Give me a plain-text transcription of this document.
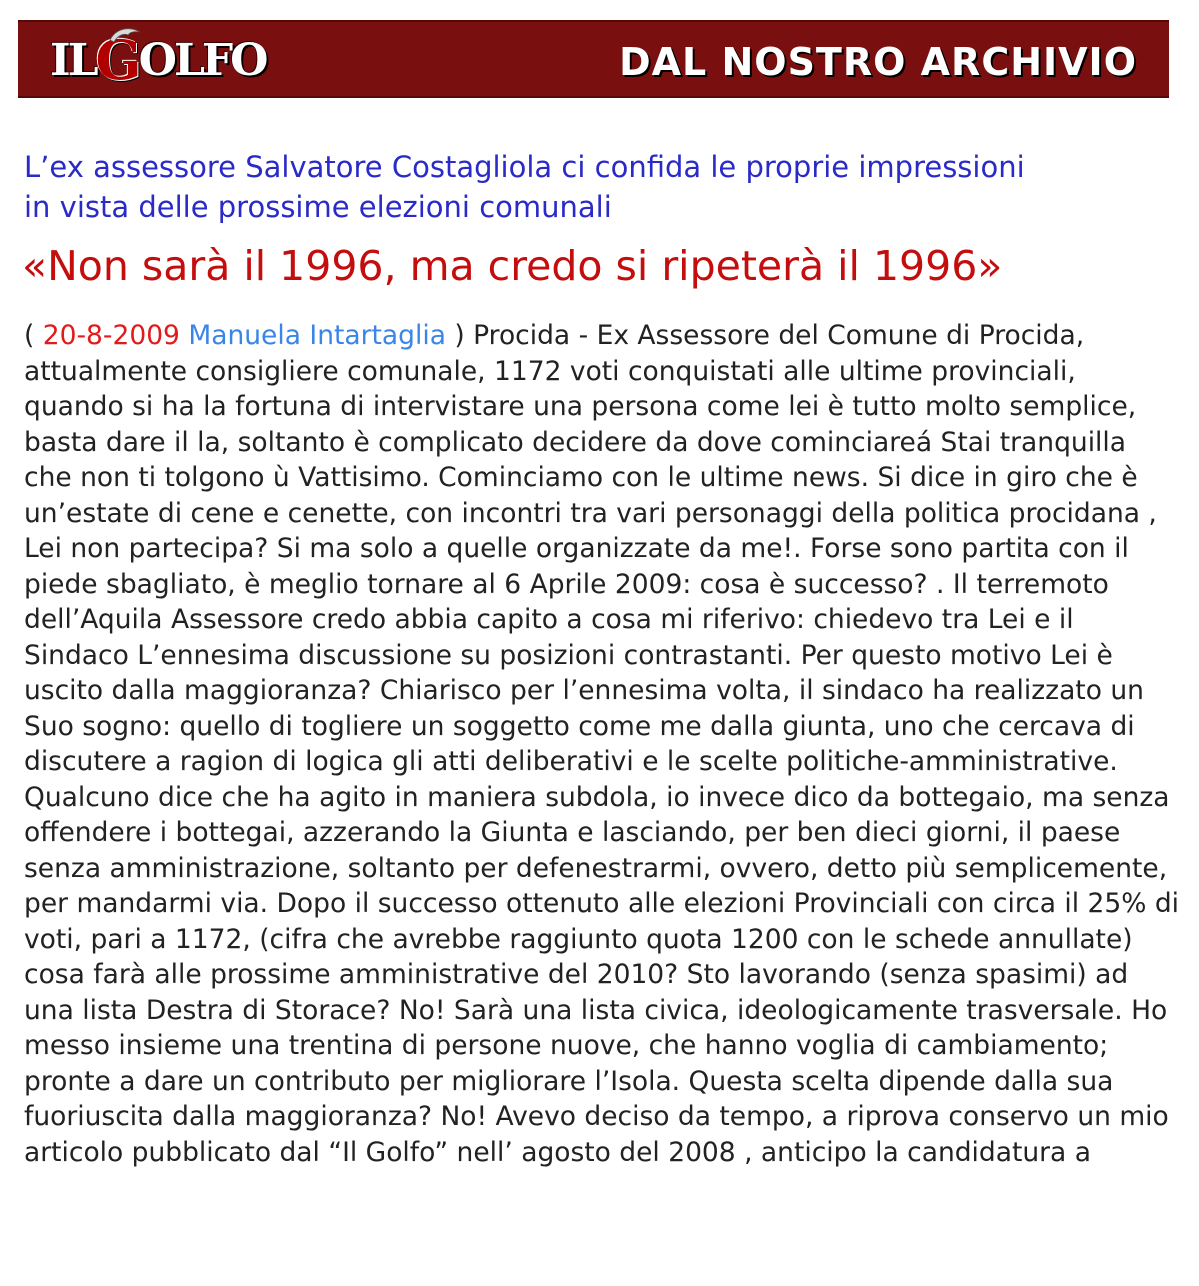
IL G OLFO	DAL NOSTRO ARCHIVIO
L’ex assessore Salvatore Costagliola ci confida le proprie impressioni
in vista delle prossime elezioni comunali
«Non sarà il 1996, ma credo si ripeterà il 1996»

( 20-8-2009 Manuela Intartaglia ) Procida - Ex Assessore del Comune di Procida, attualmente consigliere comunale, 1172 voti conquistati alle ultime provinciali, quando si ha la fortuna di intervistare una persona come lei è tutto molto semplice, basta dare il la, soltanto è complicato decidere da dove cominciareá Stai tranquilla che non ti tolgono ù Vattisimo. Cominciamo con le ultime news. Si dice in giro che è un’estate di cene e cenette, con incontri tra vari personaggi della politica procidana , Lei non partecipa? Si ma solo a quelle organizzate da me!. Forse sono partita con il piede sbagliato, è meglio tornare al 6 Aprile 2009: cosa è successo? . Il terremoto dell’Aquila Assessore credo abbia capito a cosa mi riferivo: chiedevo tra Lei e il Sindaco L’ennesima discussione su posizioni contrastanti. Per questo motivo Lei è uscito dalla maggioranza? Chiarisco per l’ennesima volta, il sindaco ha realizzato un Suo sogno: quello di togliere un soggetto come me dalla giunta, uno che cercava di discutere a ragion di logica gli atti deliberativi e le scelte politiche-amministrative. Qualcuno dice che ha agito in maniera subdola, io invece dico da bottegaio, ma senza offendere i bottegai, azzerando la Giunta e lasciando, per ben dieci giorni, il paese senza amministrazione, soltanto per defenestrarmi, ovvero, detto più semplicemente, per mandarmi via. Dopo il successo ottenuto alle elezioni Provinciali con circa il 25% di voti, pari a 1172, (cifra che avrebbe raggiunto quota 1200 con le schede annullate) cosa farà alle prossime amministrative del 2010? Sto lavorando (senza spasimi) ad una lista Destra di Storace? No! Sarà una lista civica, ideologicamente trasversale. Ho messo insieme una trentina di persone nuove, che hanno voglia di cambiamento; pronte a dare un contributo per migliorare l’Isola. Questa scelta dipende dalla sua fuoriuscita dalla maggioranza? No! Avevo deciso da tempo, a riprova conservo un mio articolo pubblicato dal “Il Golfo” nell’ agosto del 2008 , anticipo la candidatura a
